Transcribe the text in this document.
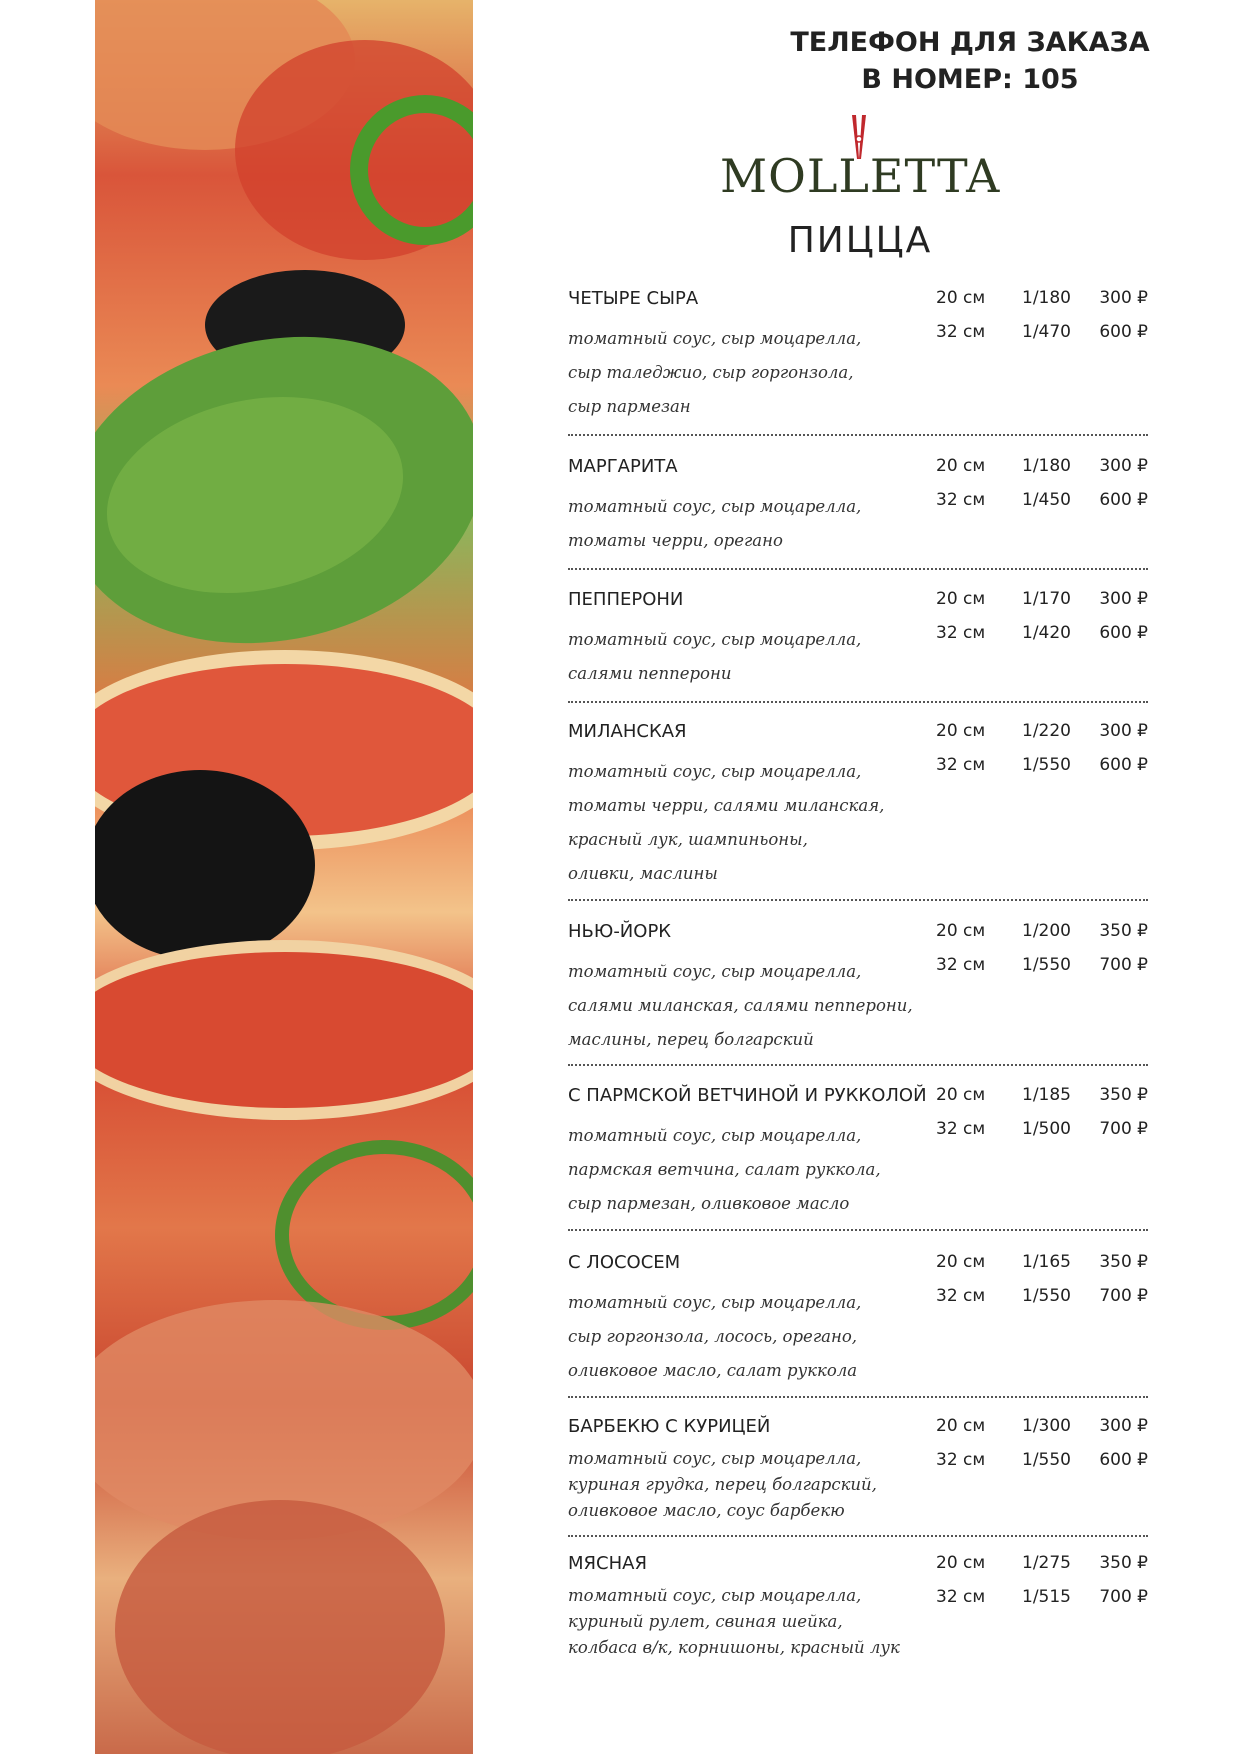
ТЕЛЕФОН ДЛЯ ЗАКАЗА
В НОМЕР: 105
MOLLETTA
ПИЦЦА
ЧЕТЫРЕ СЫРА
томатный соус, сыр моцарелла,
сыр таледжио, сыр горгонзола,
сыр пармезан
20 см 1/180 300 ₽
32 см 1/470 600 ₽
МАРГАРИТА
томатный соус, сыр моцарелла,
томаты черри, орегано
20 см 1/180 300 ₽
32 см 1/450 600 ₽
ПЕППЕРОНИ
томатный соус, сыр моцарелла,
салями пепперони
20 см 1/170 300 ₽
32 см 1/420 600 ₽
МИЛАНСКАЯ
томатный соус, сыр моцарелла,
томаты черри, салями миланская,
красный лук, шампиньоны,
оливки, маслины
20 см 1/220 300 ₽
32 см 1/550 600 ₽
НЬЮ-ЙОРК
томатный соус, сыр моцарелла,
салями миланская, салями пепперони,
маслины, перец болгарский
20 см 1/200 350 ₽
32 см 1/550 700 ₽
С ПАРМСКОЙ ВЕТЧИНОЙ И РУККОЛОЙ
томатный соус, сыр моцарелла,
пармская ветчина, салат руккола,
сыр пармезан, оливковое масло
20 см 1/185 350 ₽
32 см 1/500 700 ₽
С ЛОСОСЕМ
томатный соус, сыр моцарелла,
сыр горгонзола, лосось, орегано,
оливковое масло, салат руккола
20 см 1/165 350 ₽
32 см 1/550 700 ₽
БАРБЕКЮ С КУРИЦЕЙ
томатный соус, сыр моцарелла,
куриная грудка, перец болгарский,
оливковое масло, соус барбекю
20 см 1/300 300 ₽
32 см 1/550 600 ₽
МЯСНАЯ
томатный соус, сыр моцарелла,
куриный рулет, свиная шейка,
колбаса в/к, корнишоны, красный лук
20 см 1/275 350 ₽
32 см 1/515 700 ₽
